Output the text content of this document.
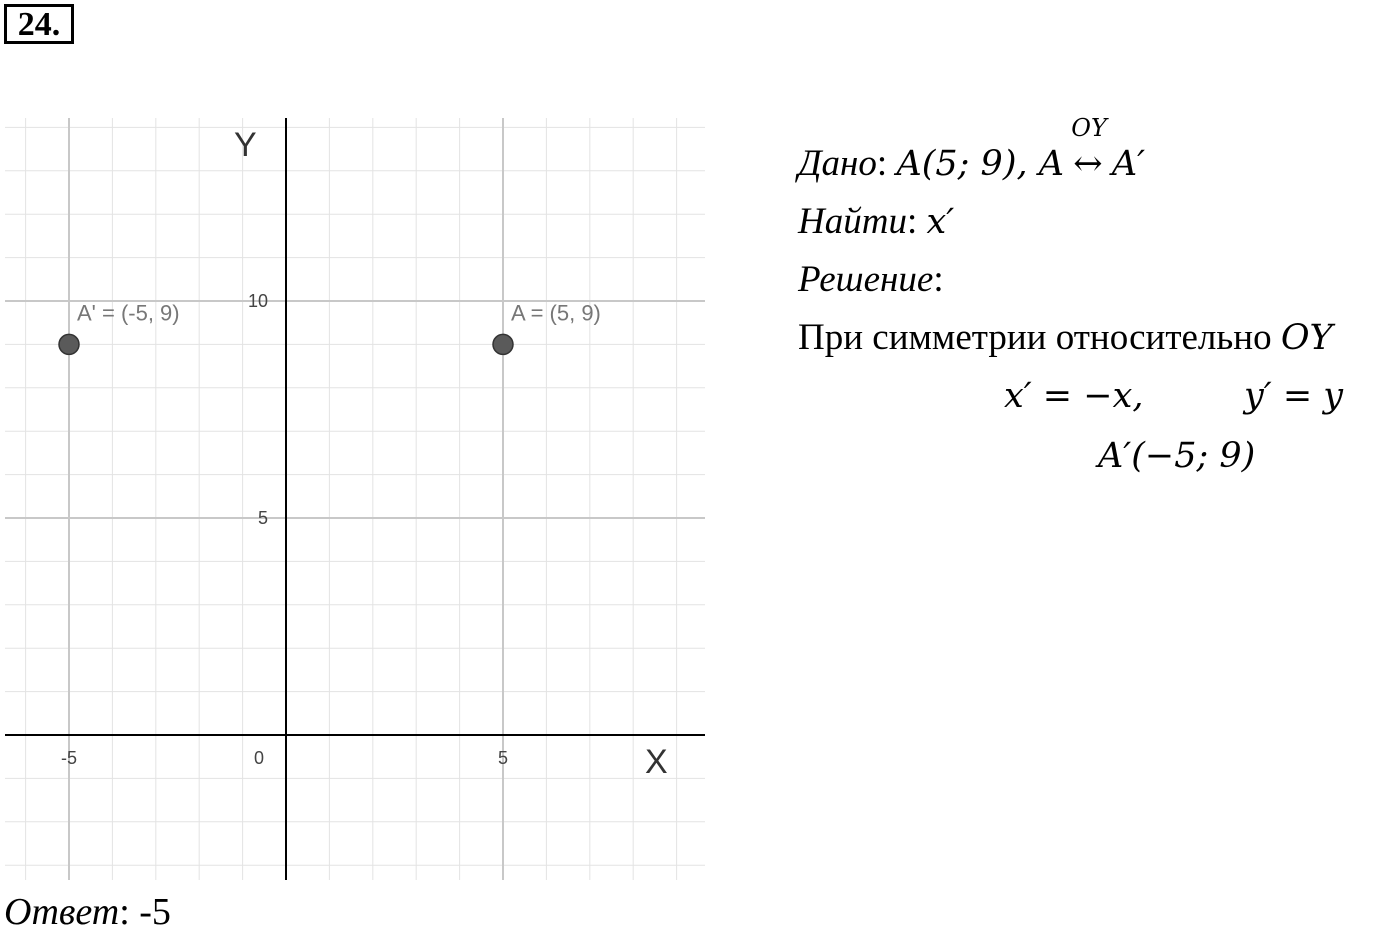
24.
X
Y
0
-5	5
5
10
A' = (-5, 9)	A = (5, 9)
Дано: A(5; 9), A
OY
↔ A′
Найти: x′
Решение:
При симметрии относительно OY
x′ = −x,	y′ = y
A′(−5; 9)
Ответ: -5
